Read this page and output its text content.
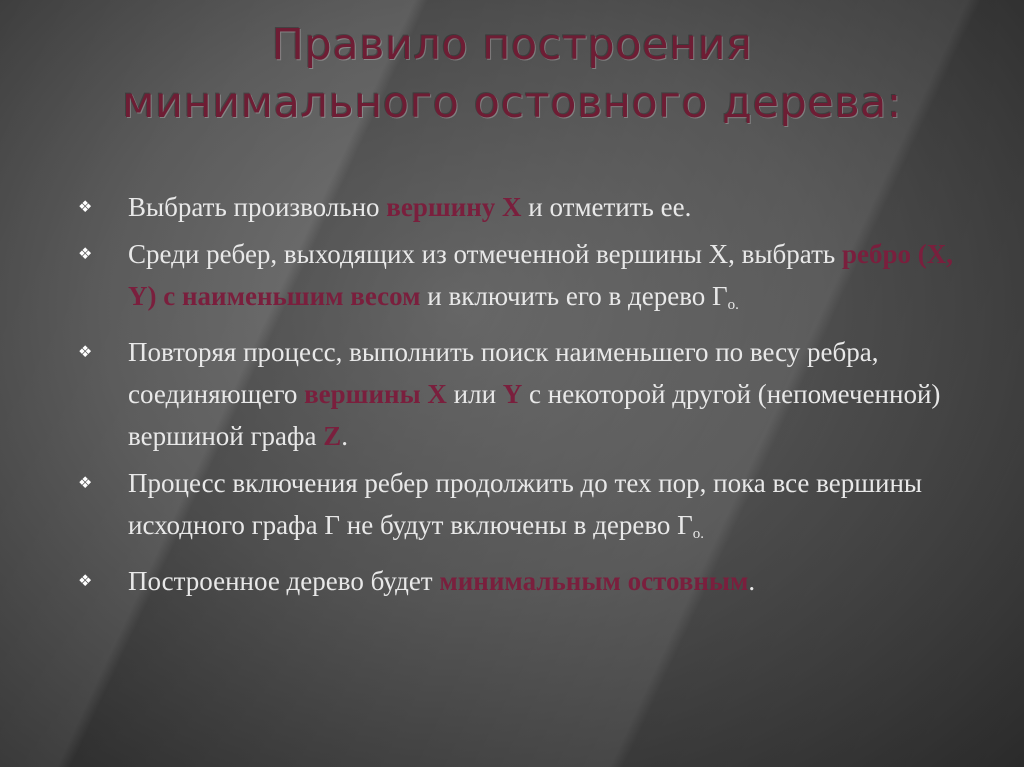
Правило построения
минимального остовного дерева:
❖ Выбрать произвольно вершину X и отметить ее.
❖ Среди ребер, выходящих из отмеченной вершины X, выбрать ребро (X, Y) с наименьшим весом и включить его в дерево $Г_{о.}$
❖ Повторяя процесс, выполнить поиск наименьшего по весу ребра, соединяющего вершины X или Y с некоторой другой (непомеченной) вершиной графа Z.
❖ Процесс включения ребер продолжить до тех пор, пока все вершины исходного графа Г не будут включены в дерево $Г_{о.}$
❖ Построенное дерево будет минимальным остовным.
